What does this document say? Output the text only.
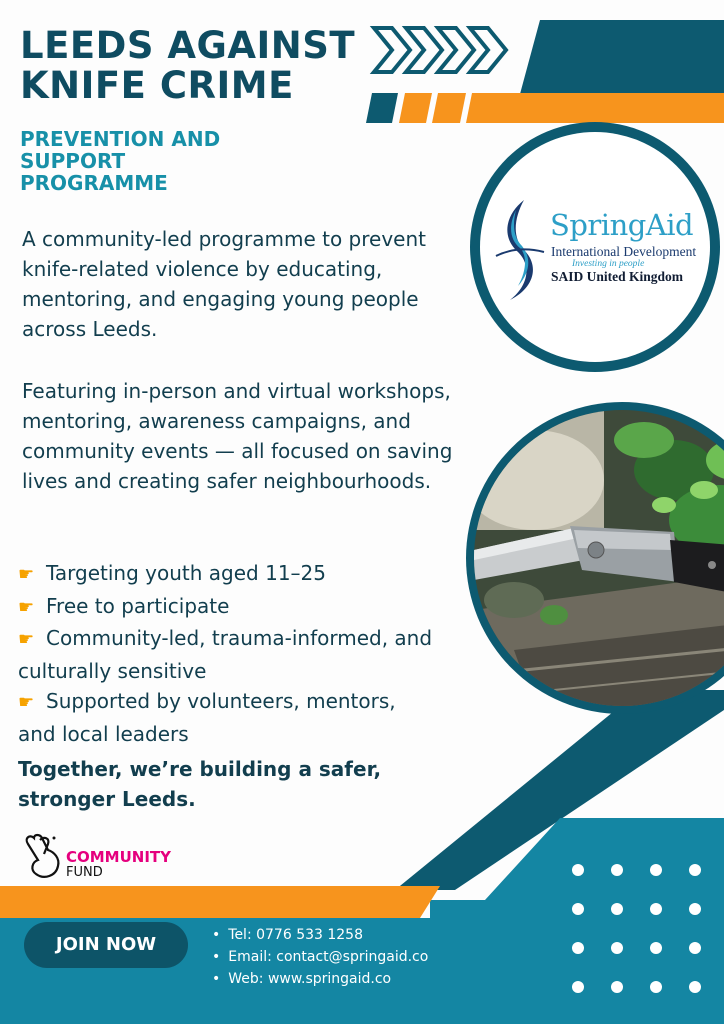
LEEDS AGAINST
KNIFE CRIME
PREVENTION AND
SUPPORT
PROGRAMME

A community-led programme to prevent knife-related violence by educating, mentoring, and engaging young people across Leeds.

Featuring in-person and virtual workshops, mentoring, awareness campaigns, and community events — all focused on saving lives and creating safer neighbourhoods.

☛ Targeting youth aged 11–25
☛ Free to participate
☛ Community-led, trauma-informed, and culturally sensitive
☛ Supported by volunteers, mentors, and local leaders

Together, we’re building a safer, stronger Leeds.

SpringAid
International Development
Investing in people
SAID United Kingdom
COMMUNITY
FUND
JOIN NOW
•	Tel: 0776 533 1258
• Email: contact@springaid.co
• Web: www.springaid.co
